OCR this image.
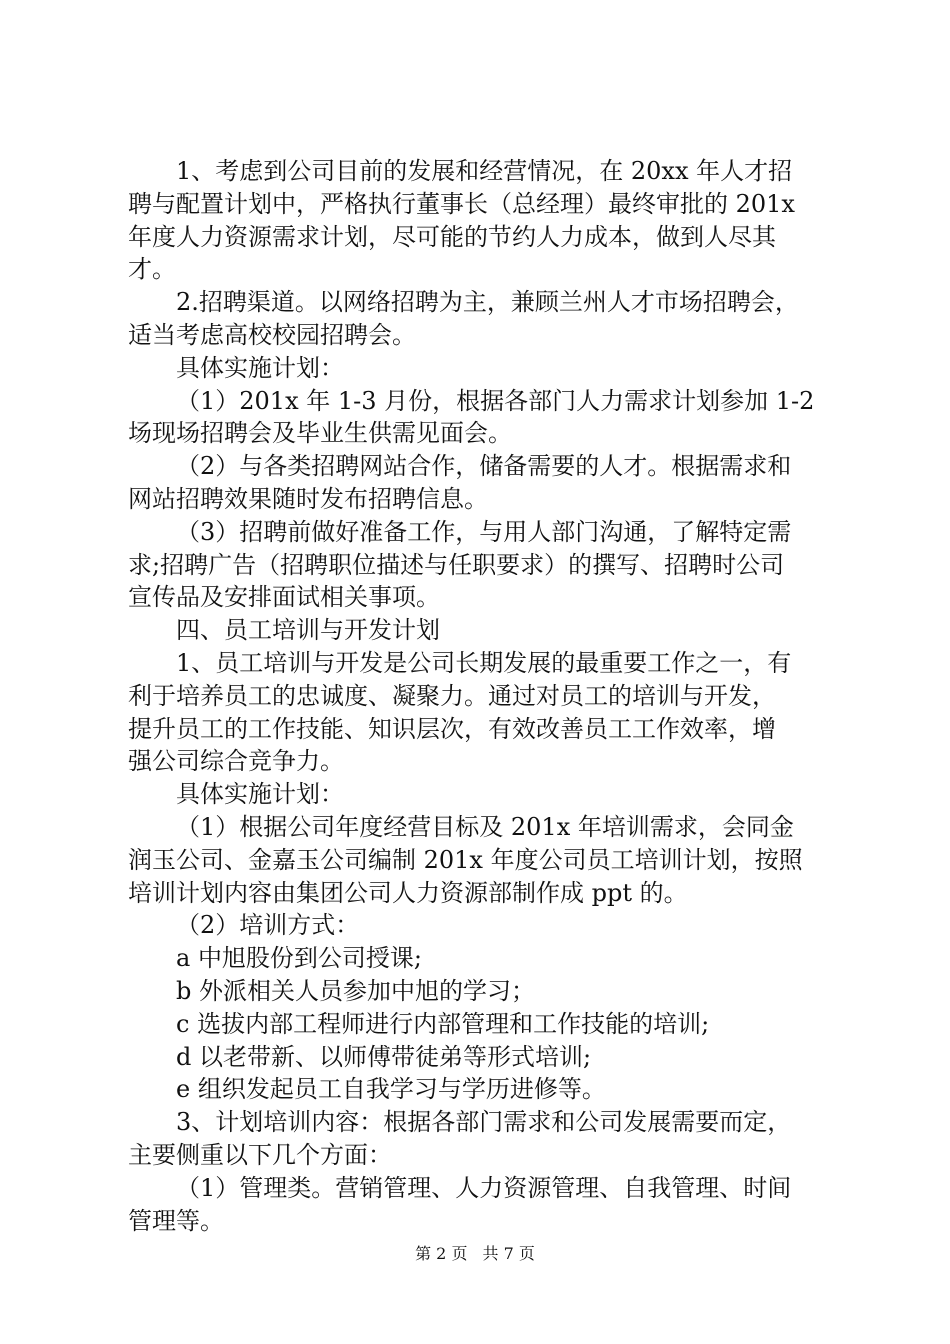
1、考虑到公司目前的发展和经营情况，在 20xx 年人才招
聘与配置计划中，严格执行董事长（总经理）最终审批的 201x
年度人力资源需求计划，尽可能的节约人力成本，做到人尽其
才。
2.招聘渠道。以网络招聘为主，兼顾兰州人才市场招聘会，
适当考虑高校校园招聘会。
具体实施计划：
（1）201x 年 1-3 月份，根据各部门人力需求计划参加 1-2
场现场招聘会及毕业生供需见面会。
（2）与各类招聘网站合作，储备需要的人才。根据需求和
网站招聘效果随时发布招聘信息。
（3）招聘前做好准备工作，与用人部门沟通，了解特定需
求;招聘广告（招聘职位描述与任职要求）的撰写、招聘时公司
宣传品及安排面试相关事项。
四、员工培训与开发计划
1、员工培训与开发是公司长期发展的最重要工作之一，有
利于培养员工的忠诚度、凝聚力。通过对员工的培训与开发，
提升员工的工作技能、知识层次，有效改善员工工作效率，增
强公司综合竞争力。
具体实施计划：
（1）根据公司年度经营目标及 201x 年培训需求，会同金
润玉公司、金嘉玉公司编制 201x 年度公司员工培训计划，按照
培训计划内容由集团公司人力资源部制作成 ppt 的。
（2）培训方式：
a 中旭股份到公司授课;
b 外派相关人员参加中旭的学习；
c 选拔内部工程师进行内部管理和工作技能的培训;
d 以老带新、以师傅带徒弟等形式培训;
e 组织发起员工自我学习与学历进修等。
3、计划培训内容：根据各部门需求和公司发展需要而定，
主要侧重以下几个方面：
（1）管理类。营销管理、人力资源管理、自我管理、时间
管理等。
第 2 页 共 7 页
